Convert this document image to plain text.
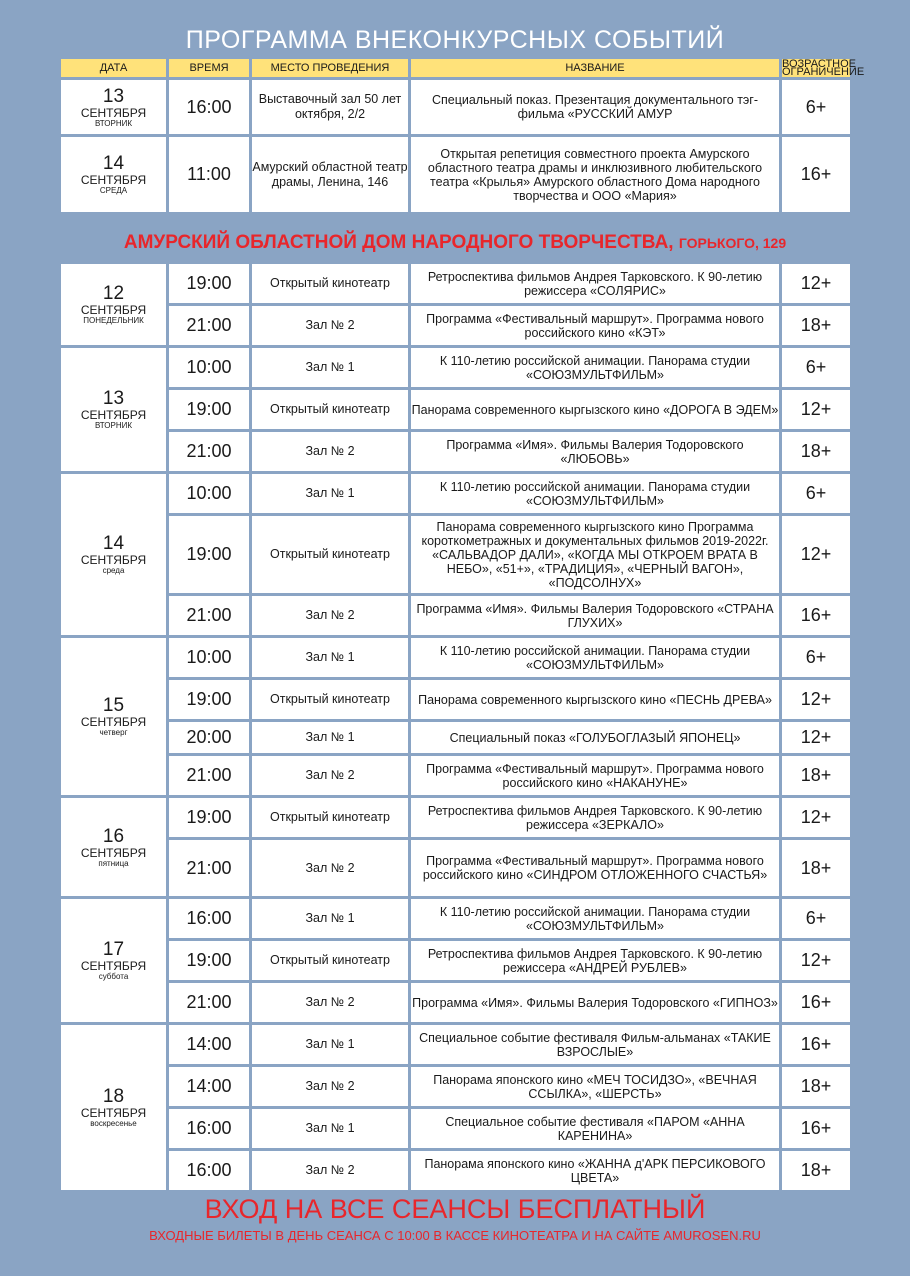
ПРОГРАММА ВНЕКОНКУРСНЫХ СОБЫТИЙ
ДАТА	ВРЕМЯ	МЕСТО ПРОВЕДЕНИЯ	НАЗВАНИЕ	ВОЗРАСТНОЕ ОГРАНИЧЕНИЕ

13
СЕНТЯБРЯ
ВТОРНИК	16:00	Выставочный зал 50 лет октября, 2/2	Специальный показ. Презентация документального тэг-фильма «РУССКИЙ АМУР	6+

14
СЕНТЯБРЯ
СРЕДА	11:00	Амурский областной театр драмы, Ленина, 146	Открытая репетиция совместного проекта Амурского областного театра драмы и инклюзивного любительского театра «Крылья» Амурского областного Дома народного творчества и ООО «Мария»	16+
АМУРСКИЙ ОБЛАСТНОЙ ДОМ НАРОДНОГО ТВОРЧЕСТВА, ГОРЬКОГО, 129
12
СЕНТЯБРЯ
ПОНЕДЕЛЬНИК	19:00	Открытый кинотеатр	Ретроспектива фильмов Андрея Тарковского. К 90-летию режиссера «СОЛЯРИС»	12+
	21:00	Зал № 2	Программа «Фестивальный маршрут». Программа нового российского кино «КЭТ»	18+

13
СЕНТЯБРЯ
ВТОРНИК	10:00	Зал № 1	К 110-летию российской анимации. Панорама студии «СОЮЗМУЛЬТФИЛЬМ»	6+
	19:00	Открытый кинотеатр	Панорама современного кыргызского кино «ДОРОГА В ЭДЕМ»	12+
	21:00	Зал № 2	Программа «Имя». Фильмы Валерия Тодоровского «ЛЮБОВЬ»	18+

14
СЕНТЯБРЯ
среда	10:00	Зал № 1	К 110-летию российской анимации. Панорама студии «СОЮЗМУЛЬТФИЛЬМ»	6+
	19:00	Открытый кинотеатр	Панорама современного кыргызского кино Программа короткометражных и документальных фильмов 2019-2022г. «САЛЬВАДОР ДАЛИ», «КОГДА МЫ ОТКРОЕМ ВРАТА В НЕБО», «51+», «ТРАДИЦИЯ», «ЧЕРНЫЙ ВАГОН», «ПОДСОЛНУХ»	12+
	21:00	Зал № 2	Программа «Имя». Фильмы Валерия Тодоровского «СТРАНА ГЛУХИХ»	16+

15
СЕНТЯБРЯ
четверг	10:00	Зал № 1	К 110-летию российской анимации. Панорама студии «СОЮЗМУЛЬТФИЛЬМ»	6+
	19:00	Открытый кинотеатр	Панорама современного кыргызского кино «ПЕСНЬ ДРЕВА»	12+
	20:00	Зал № 1	Специальный показ «ГОЛУБОГЛАЗЫЙ ЯПОНЕЦ»	12+
	21:00	Зал № 2	Программа «Фестивальный маршрут». Программа нового российского кино «НАКАНУНЕ»	18+

16
СЕНТЯБРЯ
пятница	19:00	Открытый кинотеатр	Ретроспектива фильмов Андрея Тарковского. К 90-летию режиссера «ЗЕРКАЛО»	12+
	21:00	Зал № 2	Программа «Фестивальный маршрут». Программа нового российского кино «СИНДРОМ ОТЛОЖЕННОГО СЧАСТЬЯ»	18+

17
СЕНТЯБРЯ
суббота	16:00	Зал № 1	К 110-летию российской анимации. Панорама студии «СОЮЗМУЛЬТФИЛЬМ»	6+
	19:00	Открытый кинотеатр	Ретроспектива фильмов Андрея Тарковского. К 90-летию режиссера «АНДРЕЙ РУБЛЕВ»	12+
	21:00	Зал № 2	Программа «Имя». Фильмы Валерия Тодоровского «ГИПНОЗ»	16+

18
СЕНТЯБРЯ
воскресенье	14:00	Зал № 1	Специальное событие фестиваля Фильм-альманах «ТАКИЕ ВЗРОСЛЫЕ»	16+
	14:00	Зал № 2	Панорама японского кино «МЕЧ ТОСИДЗО», «ВЕЧНАЯ ССЫЛКА», «ШЕРСТЬ»	18+
	16:00	Зал № 1	Специальное событие фестиваля «ПАРОМ «АННА КАРЕНИНА»	16+
	16:00	Зал № 2	Панорама японского кино «ЖАННА д'АРК ПЕРСИКОВОГО ЦВЕТА»	18+
ВХОД НА ВСЕ СЕАНСЫ БЕСПЛАТНЫЙ
ВХОДНЫЕ БИЛЕТЫ В ДЕНЬ СЕАНСА С 10:00 В КАССЕ КИНОТЕАТРА И НА САЙТЕ AMUROSEN.RU
